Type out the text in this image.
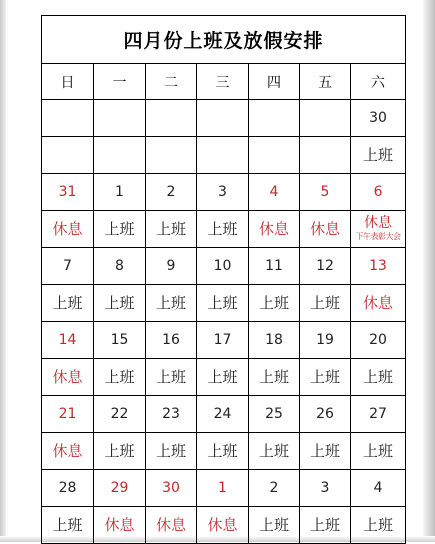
四月份上班及放假安排						
日	一	二	三	四	五	六
						30

						上班

31	1	2	3	4	5	6

休息	上班	上班	上班	休息	休息	休息
下午表彰大会

7	8	9	10	11	12	13

上班	上班	上班	上班	上班	上班	休息

14	15	16	17	18	19	20

休息	上班	上班	上班	上班	上班	上班

21	22	23	24	25	26	27

休息	上班	上班	上班	上班	上班	上班

28	29	30	1	2	3	4

上班	休息	休息	休息	上班	上班	上班
